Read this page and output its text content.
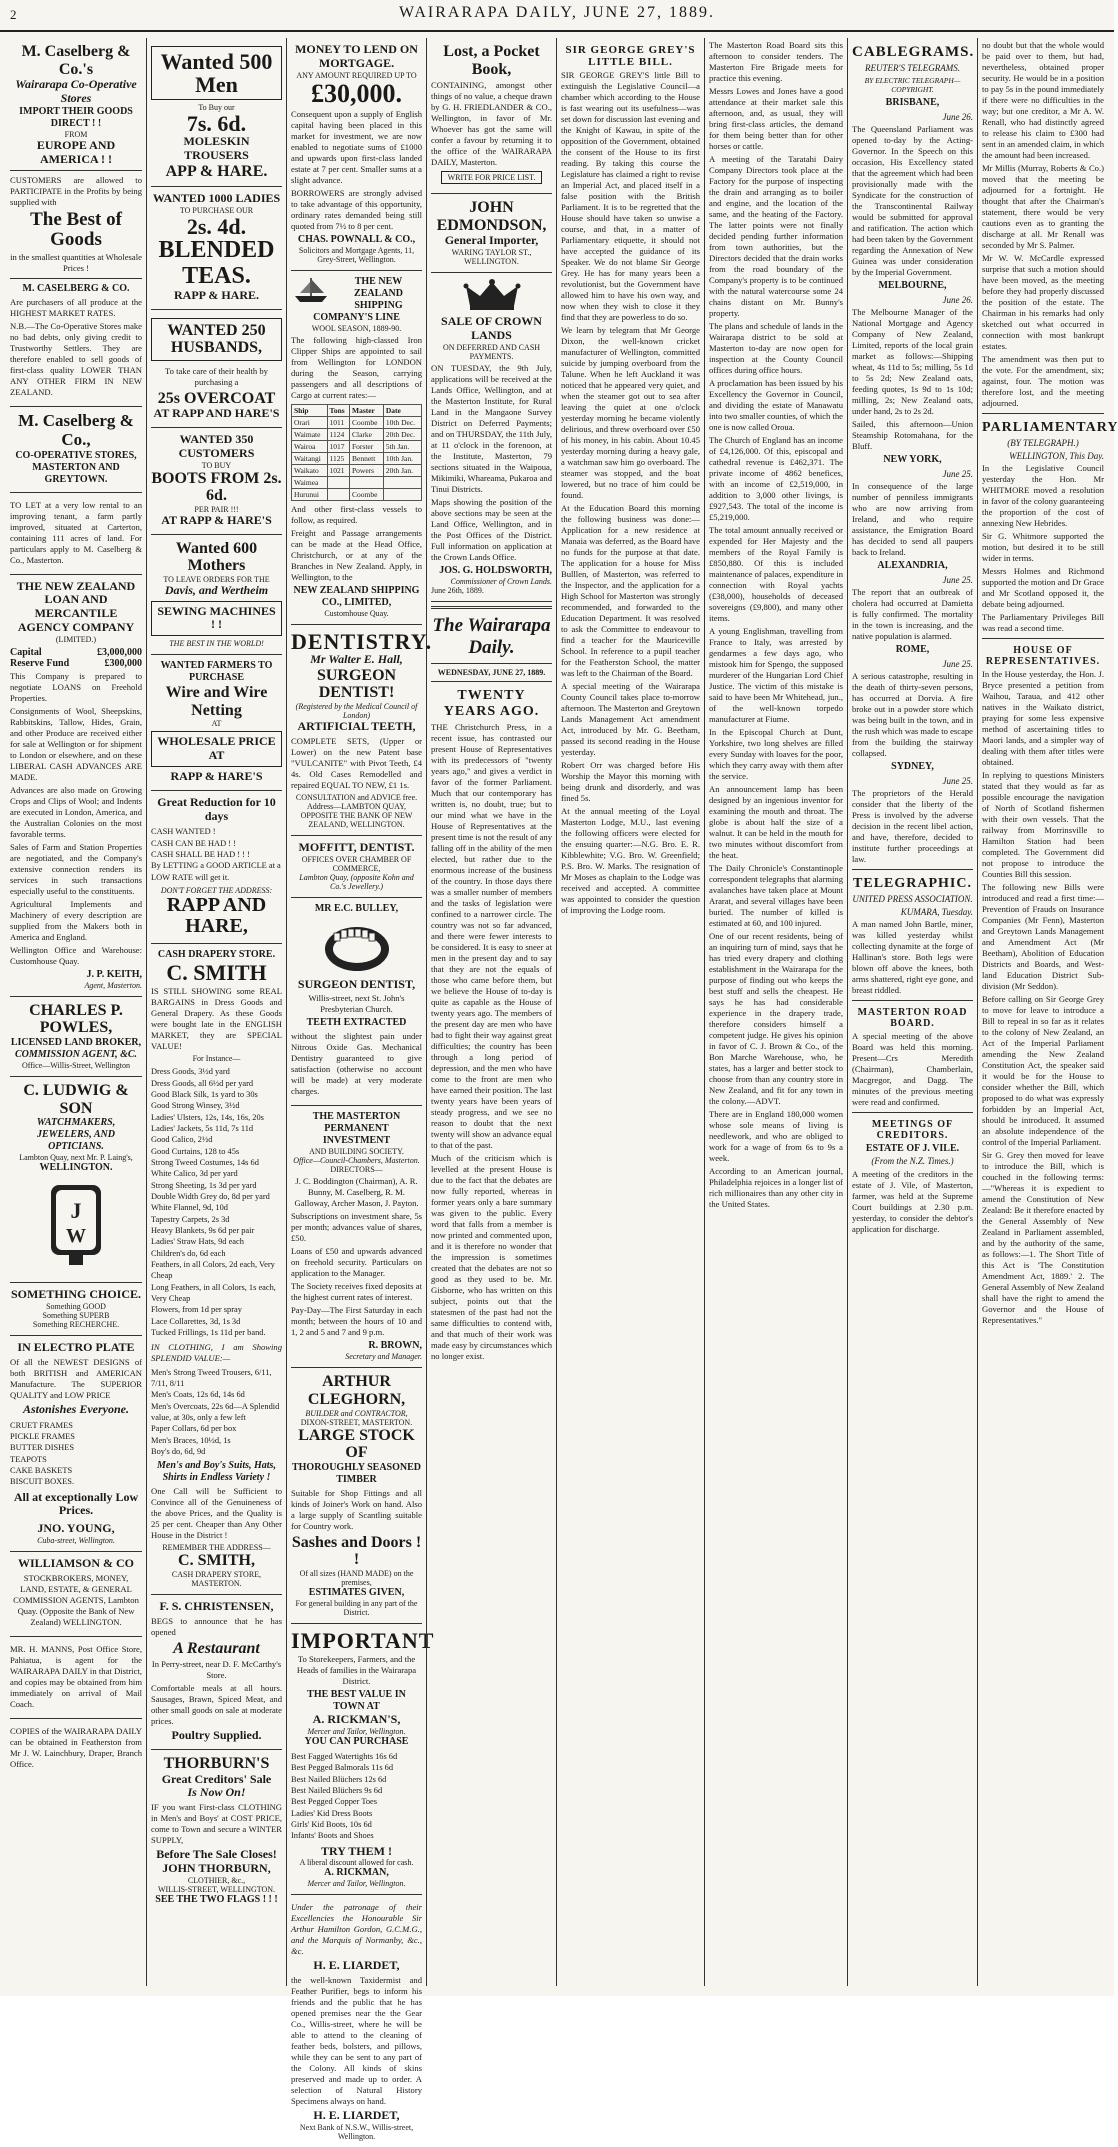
2	WAIRARAPA DAILY, JUNE 27, 1889.
M. Caselberg & Co.'s
Wairarapa Co-Operative Stores
IMPORT THEIR GOODS DIRECT ! !
FROM
EUROPE AND AMERICA ! !
CUSTOMERS are allowed to PARTICIPATE in the Profits by being supplied with
The Best of Goods
in the smallest quantities at Wholesale Prices !
M. CASELBERG & CO.
Are purchasers of all produce at the HIGHEST MARKET RATES.
N.B.—The Co-Operative Stores make no bad debts, only giving credit to Trustworthy Settlers. They are therefore enabled to sell goods of first-class quality LOWER THAN ANY OTHER FIRM IN NEW ZEALAND.
M. Caselberg & Co.,
CO-OPERATIVE STORES,
MASTERTON AND GREYTOWN.
TO LET at a very low rental to an improving tenant, a farm partly improved, situated at Carterton, containing 111 acres of land. For particulars apply to M. Caselberg & Co., Masterton.
THE NEW ZEALAND LOAN AND MERCANTILE AGENCY COMPANY
(LIMITED.)
Capital	£3,000,000
Reserve Fund	£300,000
This Company is prepared to negotiate LOANS on Freehold Properties.
Consignments of Wool, Sheepskins, Rabbitskins, Tallow, Hides, Grain, and other Produce are received either for sale at Wellington or for shipment to London or elsewhere, and on these LIBERAL CASH ADVANCES ARE MADE.
Advances are also made on Growing Crops and Clips of Wool; and Indents are executed in London, America, and the Australian Colonies on the most favorable terms.
Sales of Farm and Station Properties are negotiated, and the Company's extensive connection renders its services in such transactions especially useful to the constituents.
Agricultural Implements and Machinery of every description are supplied from the Makers both in America and England.
Wellington Office and Warehouse: Customhouse Quay.
J. P. KEITH,
Agent, Masterton.
CHARLES P. POWLES,
LICENSED LAND BROKER,
COMMISSION AGENT, &C.
Office—Willis-Street, Wellington
C. LUDWIG & SON
WATCHMAKERS, JEWELERS, AND OPTICIANS.
Lambton Quay, next Mr. P. Laing's,
WELLINGTON.
J
W
SOMETHING CHOICE.
Something GOOD
Something SUPERB
Something RECHERCHE.
IN ELECTRO PLATE
Of all the NEWEST DESIGNS of both BRITISH and AMERICAN Manufacture. The SUPERIOR QUALITY and LOW PRICE
Astonishes Everyone.
CRUET FRAMES
PICKLE FRAMES
BUTTER DISHES
TEAPOTS
CAKE BASKETS
BISCUIT BOXES.
All at exceptionally Low Prices.
JNO. YOUNG,
Cuba-street, Wellington.
WILLIAMSON & CO
STOCKBROKERS, MONEY, LAND, ESTATE, & GENERAL COMMISSION AGENTS, Lambton Quay. (Opposite the Bank of New Zealand) WELLINGTON.
MR. H. MANNS, Post Office Store, Pahiatua, is agent for the WAIRARAPA DAILY in that District, and copies may be obtained from him immediately on arrival of Mail Coach.
COPIES of the WAIRARAPA DAILY can be obtained in Featherston from Mr J. W. Lainchbury, Draper, Branch Office.
Wanted 500 Men
To Buy our
7s. 6d.
MOLESKIN TROUSERS
APP & HARE.
WANTED 1000 LADIES
TO PURCHASE OUR
2s. 4d.
BLENDED TEAS.
RAPP & HARE.
WANTED 250 HUSBANDS,
To take care of their health by purchasing a
25s OVERCOAT
AT RAPP AND HARE'S
WANTED 350 CUSTOMERS
TO BUY
BOOTS FROM 2s. 6d.
PER PAIR !!!
AT RAPP & HARE'S
Wanted 600 Mothers
TO LEAVE ORDERS FOR THE
Davis, and Wertheim
SEWING MACHINES ! !
THE BEST IN THE WORLD!
WANTED FARMERS TO PURCHASE
Wire and Wire Netting
AT
WHOLESALE PRICE AT
RAPP & HARE'S
Great Reduction for 10 days
CASH WANTED !
CASH CAN BE HAD ! !
CASH SHALL BE HAD ! ! !
By LETTING a GOOD ARTICLE at a LOW RATE will get it.
DON'T FORGET THE ADDRESS:
RAPP AND HARE,
CASH DRAPERY STORE.
C. SMITH
IS STILL SHOWING some REAL BARGAINS in Dress Goods and General Drapery. As these Goods were bought late in the ENGLISH MARKET, they are SPECIAL VALUE!
For Instance—
Dress Goods, 3½d yard
Dress Goods, all 6½d per yard
Good Black Silk, 1s yard to 30s
Good Strong Winsey, 3½d
Ladies' Ulsters, 12s, 14s, 16s, 20s
Ladies' Jackets, 5s 11d, 7s 11d
Good Calico, 2½d
Good Curtains, 128 to 45s
Strong Tweed Costumes, 14s 6d
White Calico, 3d per yard
Strong Sheeting, 1s 3d per yard
Double Width Grey do, 8d per yard
White Flannel, 9d, 10d
Tapestry Carpets, 2s 3d
Heavy Blankets, 9s 6d per pair
Ladies' Straw Hats, 9d each
Children's do, 6d each
Feathers, in all Colors, 2d each, Very Cheap
Long Feathers, in all Colors, 1s each, Very Cheap
Flowers, from 1d per spray
Lace Collarettes, 3d, 1s 3d
Tucked Frillings, 1s 11d per band.
IN CLOTHING, I am Showing SPLENDID VALUE:—
Men's Strong Tweed Trousers, 6/11, 7/11, 8/11
Men's Coats, 12s 6d, 14s 6d
Men's Overcoats, 22s 6d—A Splendid value, at 30s, only a few left
Paper Collars, 6d per box
Men's Braces, 10½d, 1s
Boy's do, 6d, 9d
Men's and Boy's Suits, Hats, Shirts in Endless Variety !
One Call will be Sufficient to Convince all of the Genuineness of the above Prices, and the Quality is 25 per cent. Cheaper than Any Other House in the District !
REMEMBER THE ADDRESS—
C. SMITH,
CASH DRAPERY STORE, MASTERTON.
F. S. CHRISTENSEN,
BEGS to announce that he has opened
A Restaurant
In Perry-street, near D. F. McCarthy's Store.
Comfortable meals at all hours. Sausages, Brawn, Spiced Meat, and other small goods on sale at moderate prices.
Poultry Supplied.
THORBURN'S
Great Creditors' Sale
Is Now On!
IF you want First-class CLOTHING in Men's and Boys' at COST PRICE, come to Town and secure a WINTER SUPPLY,
Before The Sale Closes!
JOHN THORBURN,
CLOTHIER, &c.,
WILLIS-STREET, WELLINGTON.
SEE THE TWO FLAGS ! ! !
MONEY TO LEND ON MORTGAGE.
ANY AMOUNT REQUIRED UP TO
£30,000.
Consequent upon a supply of English capital having been placed in this market for investment, we are now enabled to negotiate sums of £1000 and upwards upon first-class landed estate at 7 per cent. Smaller sums at a slight advance.
BORROWERS are strongly advised to take advantage of this opportunity, ordinary rates demanded being still quoted from 7½ to 8 per cent.
CHAS. POWNALL & CO.,
Solicitors and Mortgage Agents, 11, Grey-Street, Wellington.
THE NEW ZEALAND SHIPPING COMPANY'S LINE
WOOL SEASON, 1889-90.
The following high-classed Iron Clipper Ships are appointed to sail from Wellington for LONDON during the Season, carrying passengers and all descriptions of Cargo at current rates:—
Ship	Tons	Master	Date
Orari	1011	Coombe	10th Dec.
Waimate	1124	Clarke	20th Dec.
Wairoa	1017	Forster	5th Jan.
Waitangi	1125	Bennett	10th Jan.
Waikato	1021	Powers	20th Jan.
Waimea			
Hurunui		Coombe	
And other first-class vessels to follow, as required.
Freight and Passage arrangements can be made at the Head Office, Christchurch, or at any of the Branches in New Zealand. Apply, in Wellington, to the
NEW ZEALAND SHIPPING CO., LIMITED,
Customhouse Quay.
DENTISTRY.
Mr Walter E. Hall,
SURGEON DENTIST!
(Registered by the Medical Council of London)
ARTIFICIAL TEETH,
COMPLETE SETS, (Upper or Lower) on the new Patent base "VULCANITE" with Pivot Teeth, £4 4s. Old Cases Remodelled and repaired EQUAL TO NEW, £1 1s.
CONSULTATION and ADVICE free.
Address—LAMBTON QUAY, OPPOSITE THE BANK OF NEW ZEALAND, WELLINGTON.
MOFFITT, DENTIST.
OFFICES OVER CHAMBER OF COMMERCE,
Lambton Quay, (opposite Kohn and Co.'s Jewellery.)
MR E.C. BULLEY,
SURGEON DENTIST,
Willis-street, next St. John's Presbyterian Church.
TEETH EXTRACTED
without the slightest pain under Nitrous Oxide Gas. Mechanical Dentistry guaranteed to give satisfaction (otherwise no account will be made) at very moderate charges.
THE MASTERTON PERMANENT INVESTMENT
AND BUILDING SOCIETY.
Office—Council-Chambers, Masterton.
DIRECTORS—
J. C. Boddington (Chairman), A. R. Bunny, M. Caselberg, R. M. Galloway, Archer Mason, J. Payton.
Subscriptions on investment share, 5s per month; advances value of shares, £50.
Loans of £50 and upwards advanced on freehold security. Particulars on application to the Manager.
The Society receives fixed deposits at the highest current rates of interest.
Pay-Day—The First Saturday in each month; between the hours of 10 and 1, 2 and 5 and 7 and 9 p.m.
R. BROWN,
Secretary and Manager.
ARTHUR CLEGHORN,
BUILDER and CONTRACTOR,
DIXON-STREET, MASTERTON.
LARGE STOCK OF
THOROUGHLY SEASONED TIMBER
Suitable for Shop Fittings and all kinds of Joiner's Work on hand. Also a large supply of Scantling suitable for Country work.
Sashes and Doors ! !
Of all sizes (HAND MADE) on the premises,
ESTIMATES GIVEN,
For general building in any part of the District.
IMPORTANT
To Storekeepers, Farmers, and the Heads of families in the Wairarapa District.
THE BEST VALUE IN TOWN AT
A. RICKMAN'S,
Mercer and Tailor, Wellington.
YOU CAN PURCHASE
Best Fagged Watertights 16s 6d
Best Pegged Balmorals 11s 6d
Best Nailed Blüchers 12s 6d
Best Nailed Blüchers 9s 6d
Best Pegged Copper Toes
Ladies' Kid Dress Boots
Girls' Kid Boots, 10s 6d
Infants' Boots and Shoes
TRY THEM !
A liberal discount allowed for cash.
A. RICKMAN,
Mercer and Tailor, Wellington.
Under the patronage of their Excellencies the Honourable Sir Arthur Hamilton Gordon, G.C.M.G., and the Marquis of Normanby, &c., &c.
H. E. LIARDET,
the well-known Taxidermist and Feather Purifier, begs to inform his friends and the public that he has opened premises near the the Gear Co., Willis-street, where he will be able to attend to the cleaning of feather beds, bolsters, and pillows, while they can be sent to any part of the Colony. All kinds of skins preserved and made up to order. A selection of Natural History Specimens always on hand.
H. E. LIARDET,
Next Bank of N.S.W., Willis-street, Wellington.
Lost, a Pocket Book,
CONTAINING, amongst other things of no value, a cheque drawn by G. H. FRIEDLANDER & CO., Wellington, in favor of Mr. Whoever has got the same will confer a favour by returning it to the office of the WAIRARAPA DAILY, Masterton.
WRITE FOR PRICE LIST.
JOHN EDMONDSON,
General Importer,
WARING TAYLOR ST., WELLINGTON.
SALE OF CROWN LANDS
ON DEFERRED AND CASH PAYMENTS.
ON TUESDAY, the 9th July, applications will be received at the Lands Office, Wellington, and at the Masterton Institute, for Rural Land in the Mangaone Survey District on Deferred Payments; and on THURSDAY, the 11th July, at 11 o'clock in the forenoon, at the Institute, Masterton, 79 sections situated in the Waipoua, Mikimiki, Whareama, Pukaroa and Tinui Districts.
Maps showing the position of the above sections may be seen at the Land Office, Wellington, and in the Post Offices of the District. Full information on application at the Crown Lands Office.
JOS. G. HOLDSWORTH,
Commissioner of Crown Lands.
June 26th, 1889.
The Wairarapa Daily.
WEDNESDAY, JUNE 27, 1889.
TWENTY YEARS AGO.
THE Christchurch Press, in a recent issue, has contrasted our present House of Representatives with its predecessors of "twenty years ago," and gives a verdict in favor of the former Parliament. Much that our contemporary has written is, no doubt, true; but to our mind what we have in the House of Representatives at the present time is not the result of any falling off in the ability of the men elected, but rather due to the enormous increase of the business of the country. In those days there was a smaller number of members and the tasks of legislation were confined to a narrower circle. The country was not so far advanced, and there were fewer interests to be considered. It is easy to sneer at men in the present day and to say that they are not the equals of those who came before them, but we believe the House of to-day is quite as capable as the House of twenty years ago. The members of the present day are men who have had to fight their way against great difficulties; the country has been through a long period of depression, and the men who have come to the front are men who have earned their position. The last twenty years have been years of steady progress, and we see no reason to doubt that the next twenty will show an advance equal to that of the past.
Much of the criticism which is levelled at the present House is due to the fact that the debates are now fully reported, whereas in former years only a bare summary was given to the public. Every word that falls from a member is now printed and commented upon, and it is therefore no wonder that the impression is sometimes created that the debates are not so good as they used to be. Mr. Gisborne, who has written on this subject, points out that the statesmen of the past had not the same difficulties to contend with, and that much of their work was made easy by circumstances which no longer exist.
SIR GEORGE GREY'S LITTLE BILL.
SIR GEORGE GREY'S little Bill to extinguish the Legislative Council—a chamber which according to the House is fast wearing out its usefulness—was set down for discussion last evening and the Knight of Kawau, in spite of the opposition of the Government, obtained the consent of the House to its first reading. By taking this course the Legislature has claimed a right to revise an Imperial Act, and placed itself in a false position with the British Parliament. It is to be regretted that the House should have taken so unwise a course, and that, in a matter of Parliamentary etiquette, it should not have accepted the guidance of its Speaker. We do not blame Sir George Grey. He has for many years been a revolutionist, but the Government have allowed him to have his own way, and now when they wish to close it they find that they are powerless to do so.
We learn by telegram that Mr George Dixon, the well-known cricket manufacturer of Wellington, committed suicide by jumping overboard from the Talune. When he left Auckland it was noticed that he appeared very quiet, and when the steamer got out to sea after leaving the quiet at one o'clock yesterday morning he became violently delirious, and threw overboard over £50 of his money, in his cabin. About 10.45 yesterday morning during a heavy gale, a watchman saw him go overboard. The steamer was stopped, and the boat lowered, but no trace of him could be found.
At the Education Board this morning the following business was done:—Application for a new residence at Manaia was deferred, as the Board have no funds for the purpose at that date. The application for a house for Miss Bulllen, of Masterton, was referred to the Inspector, and the application for a High School for Masterton was strongly recommended, and forwarded to the Education Department. It was resolved to ask the Committee to endeavour to find a teacher for the Mauriceville School. In reference to a pupil teacher for the Featherston School, the matter was left to the Chairman of the Board.
A special meeting of the Wairarapa County Council takes place to-morrow afternoon. The Masterton and Greytown Lands Management Act amendment Act, introduced by Mr. G. Beetham, passed its second reading in the House yesterday.
Robert Orr was charged before His Worship the Mayor this morning with being drunk and disorderly, and was fined 5s.
At the annual meeting of the Loyal Masterton Lodge, M.U., last evening the following officers were elected for the ensuing quarter:—N.G. Bro. E. R. Kibblewhite; V.G. Bro. W. Greenfield; P.S. Bro. W. Marks. The resignation of Mr Moses as chaplain to the Lodge was received and accepted. A committee was appointed to consider the question of improving the Lodge room.
The Masterton Road Board sits this afternoon to consider tenders. The Masterton Fire Brigade meets for practice this evening.
Messrs Lowes and Jones have a good attendance at their market sale this afternoon, and, as usual, they will bring first-class articles, the demand for them being better than for other horses or cattle.
A meeting of the Taratahi Dairy Company Directors took place at the Factory for the purpose of inspecting the drain and arranging as to boiler and engine, and the location of the same, and the heating of the Factory. The latter points were not finally decided pending further information from town authorities, but the Directors decided that the drain works from the road boundary of the Company's property is to be continued with the natural watercourse some 24 chains distant on Mr. Bunny's property.
The plans and schedule of lands in the Wairarapa district to be sold at Masterton to-day are now open for inspection at the County Council offices during office hours.
A proclamation has been issued by his Excellency the Governor in Council, and dividing the estate of Manawatu into two smaller counties, of which the one is now called Oroua.
The Church of England has an income of £4,126,000. Of this, episcopal and cathedral revenue is £462,371. The private income of 4862 benefices, with an income of £2,519,000, in addition to 3,000 other livings, is £927,543. The total of the income is £5,219,000.
The total amount annually received or expended for Her Majesty and the members of the Royal Family is £850,880. Of this is included maintenance of palaces, expenditure in connection with Royal yachts (£38,000), households of deceased sovereigns (£9,800), and many other items.
A young Englishman, travelling from France to Italy, was arrested by gendarmes a few days ago, who mistook him for Spengo, the supposed murderer of the Hungarian Lord Chief Justice. The victim of this mistake is said to have been Mr Whitehead, jun., of the well-known torpedo manufacturer at Fiume.
In the Episcopal Church at Dunt, Yorkshire, two long shelves are filled every Sunday with loaves for the poor, which they carry away with them after the service.
An announcement lamp has been designed by an ingenious inventor for examining the mouth and throat. The globe is about half the size of a walnut. It can be held in the mouth for two minutes without discomfort from the heat.
The Daily Chronicle's Constantinople correspondent telegraphs that alarming avalanches have taken place at Mount Ararat, and several villages have been buried. The number of killed is estimated at 60, and 100 injured.
One of our recent residents, being of an inquiring turn of mind, says that he has tried every drapery and clothing establishment in the Wairarapa for the purpose of finding out who keeps the best stuff and sells the cheapest. He says he has had considerable experience in the drapery trade, therefore considers himself a competent judge. He gives his opinion in favor of C. J. Brown & Co., of the Bon Marche Warehouse, who, he states, has a larger and better stock to choose from than any country store in New Zealand, and fit for any town in the colony.—ADVT.
There are in England 180,000 women whose sole means of living is needlework, and who are obliged to work for a wage of from 6s to 9s a week.
According to an American journal, Philadelphia rejoices in a longer list of rich millionaires than any other city in the United States.
CABLEGRAMS.
REUTER'S TELEGRAMS.
BY ELECTRIC TELEGRAPH—COPYRIGHT.
BRISBANE,
June 26.
The Queensland Parliament was opened to-day by the Acting-Governor. In the Speech on this occasion, His Excellency stated that the agreement which had been provisionally made with the Syndicate for the construction of the Transcontinental Railway would be submitted for approval and ratification. The action which had been taken by the Government regarding the Annexation of New Guinea was under consideration by the Imperial Government.
MELBOURNE,
June 26.
The Melbourne Manager of the National Mortgage and Agency Company of New Zealand, Limited, reports of the local grain market as follows:—Shipping wheat, 4s 11d to 5s; milling, 5s 1d to 5s 2d; New Zealand oats, feeding quotes, 1s 9d to 1s 10d; milling, 2s; New Zealand oats, under hand, 2s to 2s 2d.
Sailed, this afternoon—Union Steamship Rotomahana, for the Bluff.
NEW YORK,
June 25.
In consequence of the large number of penniless immigrants who are now arriving from Ireland, and who require assistance, the Emigration Board has decided to send all paupers back to Ireland.
ALEXANDRIA,
June 25.
The report that an outbreak of cholera had occurred at Damietta is fully confirmed. The mortality in the town is increasing, and the native population is alarmed.
ROME,
June 25.
A serious catastrophe, resulting in the death of thirty-seven persons, has occurred at Dorvia. A fire broke out in a powder store which was being built in the town, and in the rush which was made to escape from the building the stairway collapsed.
SYDNEY,
June 25.
The proprietors of the Herald consider that the liberty of the Press is involved by the adverse decision in the recent libel action, and have, therefore, decided to institute further proceedings at law.
TELEGRAPHIC.
UNITED PRESS ASSOCIATION.
KUMARA, Tuesday.
A man named John Bartle, miner, was killed yesterday whilst collecting dynamite at the forge of Hallinan's store. Both legs were blown off above the knees, both arms shattered, right eye gone, and breast riddled.
MASTERTON ROAD BOARD.
A special meeting of the above Board was held this morning. Present—Crs Meredith (Chairman), Chamberlain, Macgregor, and Dagg. The minutes of the previous meeting were read and confirmed.
MEETINGS OF CREDITORS.
ESTATE OF J. VILE.
(From the N.Z. Times.)
A meeting of the creditors in the estate of J. Vile, of Masterton, farmer, was held at the Supreme Court buildings at 2.30 p.m. yesterday, to consider the debtor's application for discharge.
no doubt but that the whole would be paid over to them, but had, nevertheless, obtained proper security. He would be in a position to pay 5s in the pound immediately if there were no difficulties in the way; but one creditor, a Mr A. W. Renall, who had distinctly agreed to release his claim to £300 had sent in an amended claim, in which the amount had been increased.
Mr Millis (Murray, Roberts & Co.) moved that the meeting be adjourned for a fortnight. He thought that after the Chairman's statement, there would be very cautions even as to granting the discharge at all. Mr Renall was seconded by Mr S. Palmer.
Mr W. W. McCardle expressed surprise that such a motion should have been moved, as the meeting before they had properly discussed the position of the estate. The Chairman in his remarks had only sketched out what occurred in connection with most bankrupt estates.
The amendment was then put to the vote. For the amendment, six; against, four. The motion was therefore lost, and the meeting adjourned.
PARLIAMENTARY
(BY TELEGRAPH.)
WELLINGTON, This Day.
In the Legislative Council yesterday the Hon. Mr WHITMORE moved a resolution in favor of the colony guaranteeing the proportion of the cost of annexing New Hebrides.
Sir G. Whitmore supported the motion, but desired it to be still wider in terms.
Messrs Holmes and Richmond supported the motion and Dr Grace and Mr Scotland opposed it, the debate being adjourned.
The Parliamentary Privileges Bill was read a second time.
HOUSE OF REPRESENTATIVES.
In the House yesterday, the Hon. J. Bryce presented a petition from Waihou, Taraua, and 412 other natives in the Waikato district, praying for some less expensive method of ascertaining titles to Maori lands, and a simpler way of dealing with them after titles were obtained.
In replying to questions Ministers stated that they would as far as possible encourage the navigation of North of Scotland fishermen with their own vessels. That the railway from Morrinsville to Hamilton Station had been completed. The Government did not propose to introduce the Counties Bill this session.
The following new Bills were introduced and read a first time:—Prevention of Frauds on Insurance Companies (Mr Fenn), Masterton and Greytown Lands Management and Amendment Act (Mr Beetham), Abolition of Education Districts and Boards, and West-land Education District Sub-division (Mr Seddon).
Before calling on Sir George Grey to move for leave to introduce a Bill to repeal in so far as it relates to the colony of New Zealand, an Act of the Imperial Parliament amending the New Zealand Constitution Act, the speaker said it would be for the House to consider whether the Bill, which proposed to do what was expressly forbidden by an Imperial Act, should be introduced. It assumed an absolute independence of the control of the Imperial Parliament.
Sir G. Grey then moved for leave to introduce the Bill, which is couched in the following terms:—"Whereas it is expedient to amend the Constitution of New Zealand: Be it therefore enacted by the General Assembly of New Zealand in Parliament assembled, and by the authority of the same, as follows:—1. The Short Title of this Act is 'The Constitution Amendment Act, 1889.' 2. The General Assembly of New Zealand shall have the right to amend the Governor and the House of Representatives."
